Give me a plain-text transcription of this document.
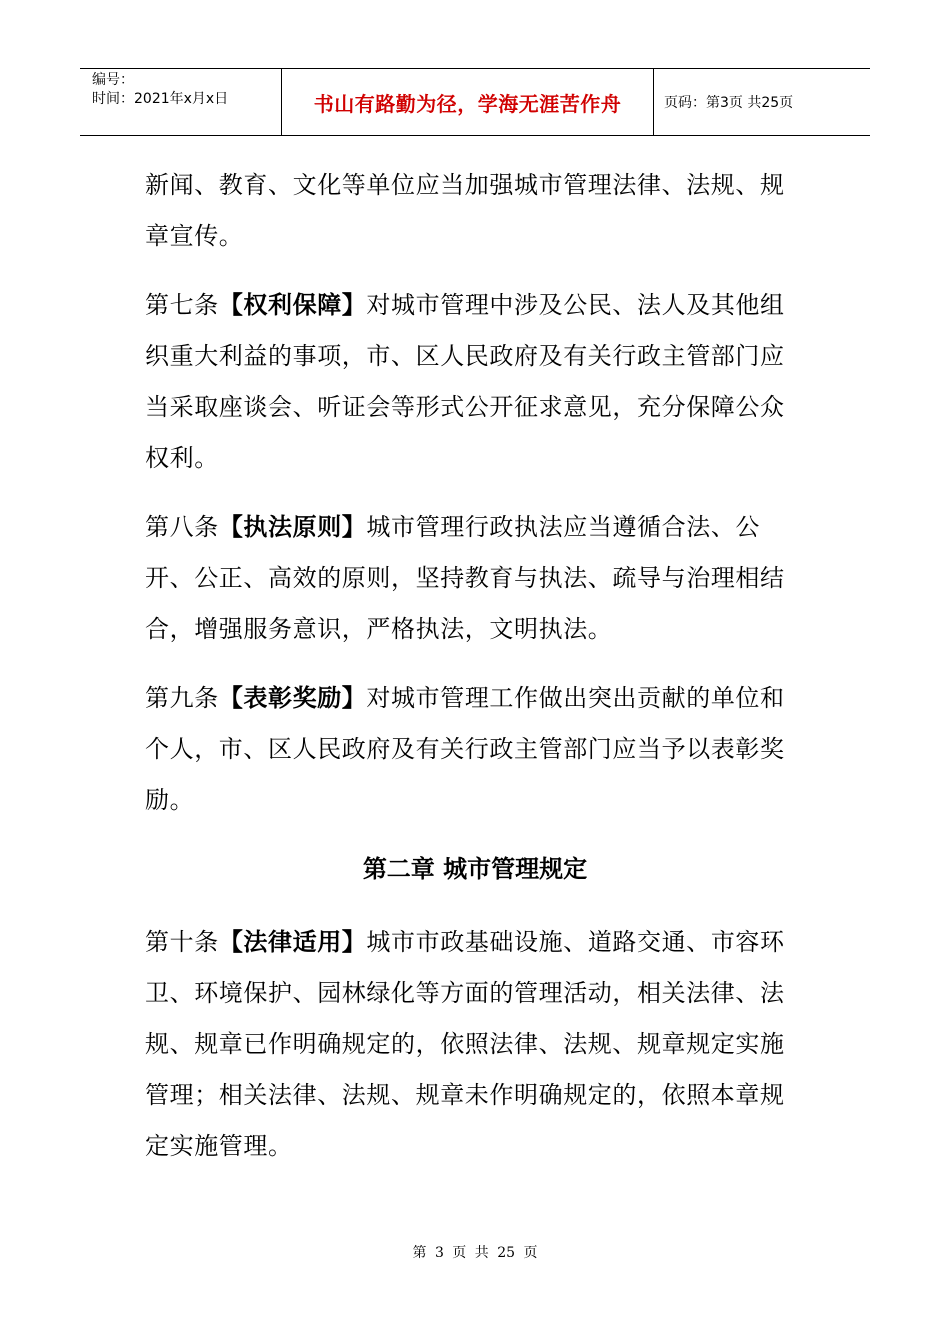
编号：
时间：2021年x月x日	书山有路勤为径，学海无涯苦作舟	页码：第3页 共25页

新闻、教育、文化等单位应当加强城市管理法律、法规、规章宣传。

第七条【权利保障】对城市管理中涉及公民、法人及其他组织重大利益的事项，市、区人民政府及有关行政主管部门应当采取座谈会、听证会等形式公开征求意见，充分保障公众权利。

第八条【执法原则】城市管理行政执法应当遵循合法、公开、公正、高效的原则，坚持教育与执法、疏导与治理相结合，增强服务意识，严格执法，文明执法。

第九条【表彰奖励】对城市管理工作做出突出贡献的单位和个人，市、区人民政府及有关行政主管部门应当予以表彰奖励。

第二章 城市管理规定

第十条【法律适用】城市市政基础设施、道路交通、市容环卫、环境保护、园林绿化等方面的管理活动，相关法律、法规、规章已作明确规定的，依照法律、法规、规章规定实施管理；相关法律、法规、规章未作明确规定的，依照本章规定实施管理。

第 3 页 共 25 页
